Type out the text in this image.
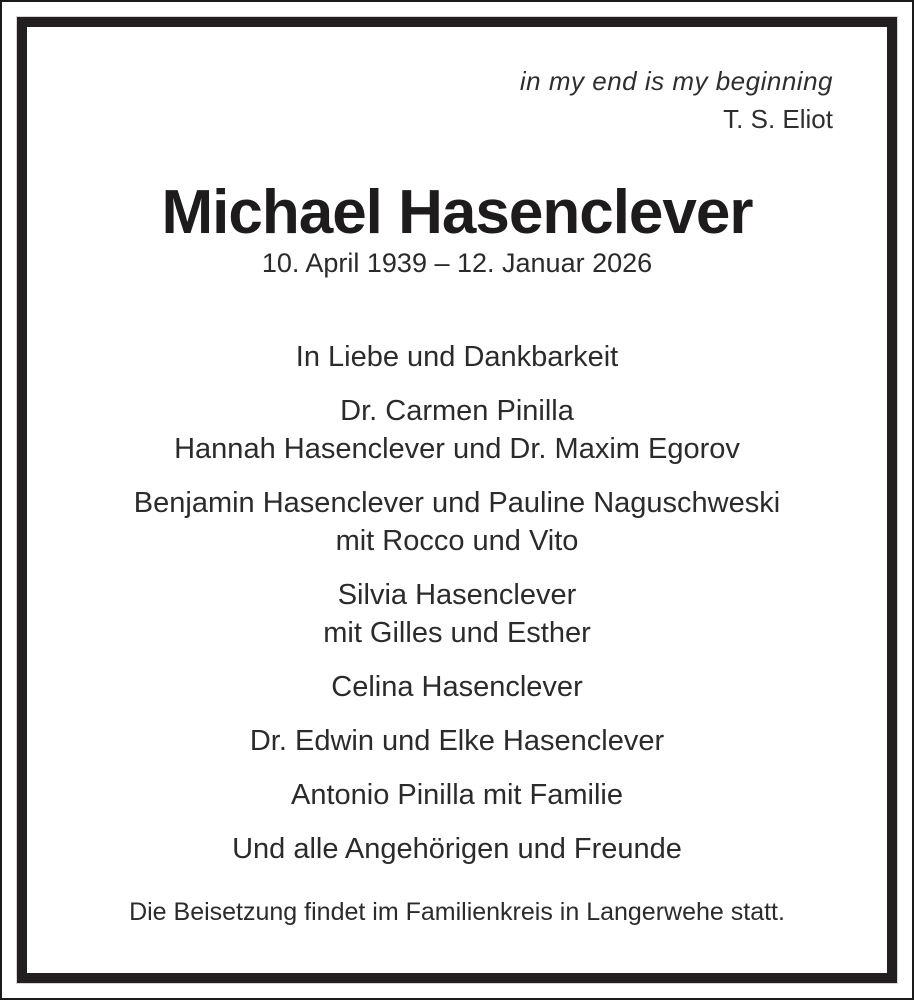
in my end is my beginning
T. S. Eliot
Michael Hasenclever
10. April 1939 – 12. Januar 2026
In Liebe und Dankbarkeit
Dr. Carmen Pinilla
Hannah Hasenclever und Dr. Maxim Egorov
Benjamin Hasenclever und Pauline Naguschweski
mit Rocco und Vito
Silvia Hasenclever
mit Gilles und Esther
Celina Hasenclever
Dr. Edwin und Elke Hasenclever
Antonio Pinilla mit Familie
Und alle Angehörigen und Freunde
Die Beisetzung findet im Familienkreis in Langerwehe statt.
